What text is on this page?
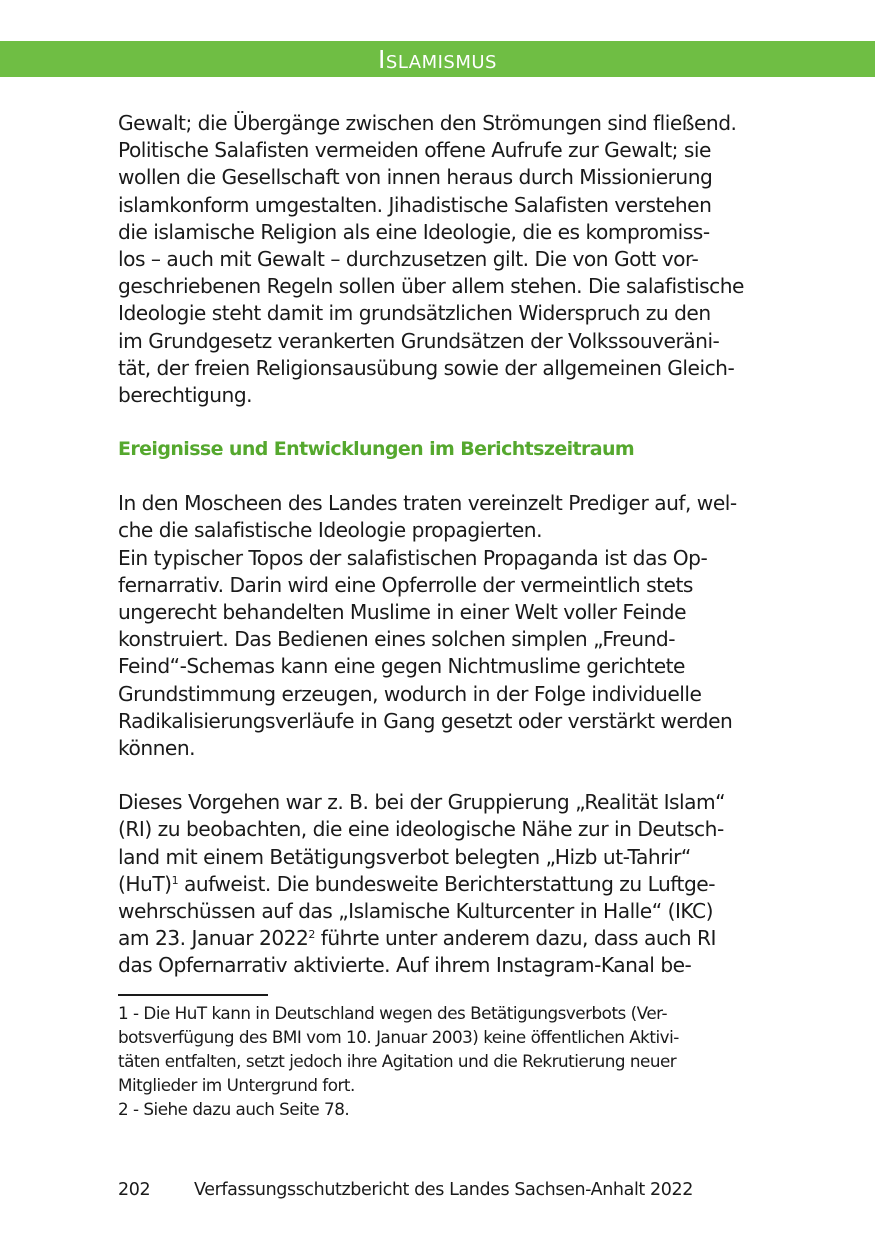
Islamismus
Gewalt; die Übergänge zwischen den Strömungen sind fließend.
Politische Salafisten vermeiden offene Aufrufe zur Gewalt; sie
wollen die Gesellschaft von innen heraus durch Missionierung
islamkonform umgestalten. Jihadistische Salafisten verstehen
die islamische Religion als eine Ideologie, die es kompromiss-
los – auch mit Gewalt – durchzusetzen gilt. Die von Gott vor-
geschriebenen Regeln sollen über allem stehen. Die salafistische
Ideologie steht damit im grundsätzlichen Widerspruch zu den
im Grundgesetz verankerten Grundsätzen der Volkssouveräni-
tät, der freien Religionsausübung sowie der allgemeinen Gleich-
berechtigung.
Ereignisse und Entwicklungen im Berichtszeitraum
In den Moscheen des Landes traten vereinzelt Prediger auf, wel-
che die salafistische Ideologie propagierten.
Ein typischer Topos der salafistischen Propaganda ist das Op-
fernarrativ. Darin wird eine Opferrolle der vermeintlich stets
ungerecht behandelten Muslime in einer Welt voller Feinde
konstruiert. Das Bedienen eines solchen simplen „Freund-
Feind“-Schemas kann eine gegen Nichtmuslime gerichtete
Grundstimmung erzeugen, wodurch in der Folge individuelle
Radikalisierungsverläufe in Gang gesetzt oder verstärkt werden
können.
Dieses Vorgehen war z. B. bei der Gruppierung „Realität Islam“
(RI) zu beobachten, die eine ideologische Nähe zur in Deutsch-
land mit einem Betätigungsverbot belegten „Hizb ut-Tahrir“
(HuT)$^1$ aufweist. Die bundesweite Berichterstattung zu Luftge-
wehrschüssen auf das „Islamische Kulturcenter in Halle“ (IKC)
am 23. Januar 2022$^2$ führte unter anderem dazu, dass auch RI
das Opfernarrativ aktivierte. Auf ihrem Instagram-Kanal be-
1 - Die HuT kann in Deutschland wegen des Betätigungsverbots (Ver-
botsverfügung des BMI vom 10. Januar 2003) keine öffentlichen Aktivi-
täten entfalten, setzt jedoch ihre Agitation und die Rekrutierung neuer
Mitglieder im Untergrund fort.
2 - Siehe dazu auch Seite 78.
202	Verfassungsschutzbericht des Landes Sachsen-Anhalt 2022
